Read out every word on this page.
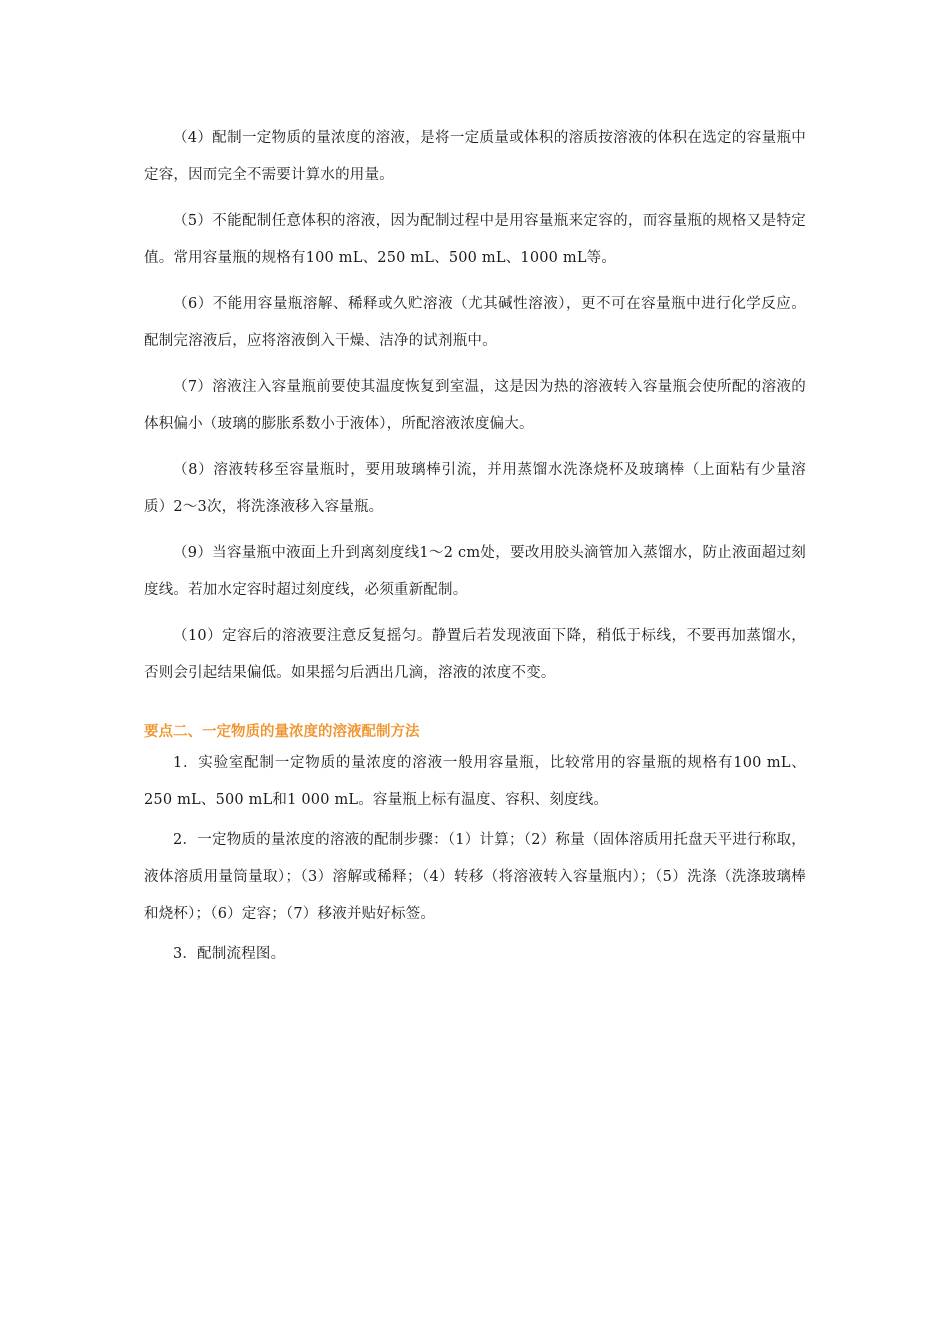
（4）配制一定物质的量浓度的溶液，是将一定质量或体积的溶质按溶液的体积在选定的容量瓶中定容，因而完全不需要计算水的用量。

（5）不能配制任意体积的溶液，因为配制过程中是用容量瓶来定容的，而容量瓶的规格又是特定值。常用容量瓶的规格有100 mL、250 mL、500 mL、1000 mL等。

（6）不能用容量瓶溶解、稀释或久贮溶液（尤其碱性溶液），更不可在容量瓶中进行化学反应。配制完溶液后，应将溶液倒入干燥、洁净的试剂瓶中。

（7）溶液注入容量瓶前要使其温度恢复到室温，这是因为热的溶液转入容量瓶会使所配的溶液的体积偏小（玻璃的膨胀系数小于液体），所配溶液浓度偏大。

（8）溶液转移至容量瓶时，要用玻璃棒引流，并用蒸馏水洗涤烧杯及玻璃棒（上面粘有少量溶质）2～3次，将洗涤液移入容量瓶。

（9）当容量瓶中液面上升到离刻度线1～2 cm处，要改用胶头滴管加入蒸馏水，防止液面超过刻度线。若加水定容时超过刻度线，必须重新配制。

（10）定容后的溶液要注意反复摇匀。静置后若发现液面下降，稍低于标线，不要再加蒸馏水，否则会引起结果偏低。如果摇匀后洒出几滴，溶液的浓度不变。

要点二、一定物质的量浓度的溶液配制方法

1．实验室配制一定物质的量浓度的溶液一般用容量瓶，比较常用的容量瓶的规格有100 mL、250 mL、500 mL和1 000 mL。容量瓶上标有温度、容积、刻度线。

2．一定物质的量浓度的溶液的配制步骤：（1）计算；（2）称量（固体溶质用托盘天平进行称取，液体溶质用量筒量取）；（3）溶解或稀释；（4）转移（将溶液转入容量瓶内）；（5）洗涤（洗涤玻璃棒和烧杯）；（6）定容；（7）移液并贴好标签。

3．配制流程图。
